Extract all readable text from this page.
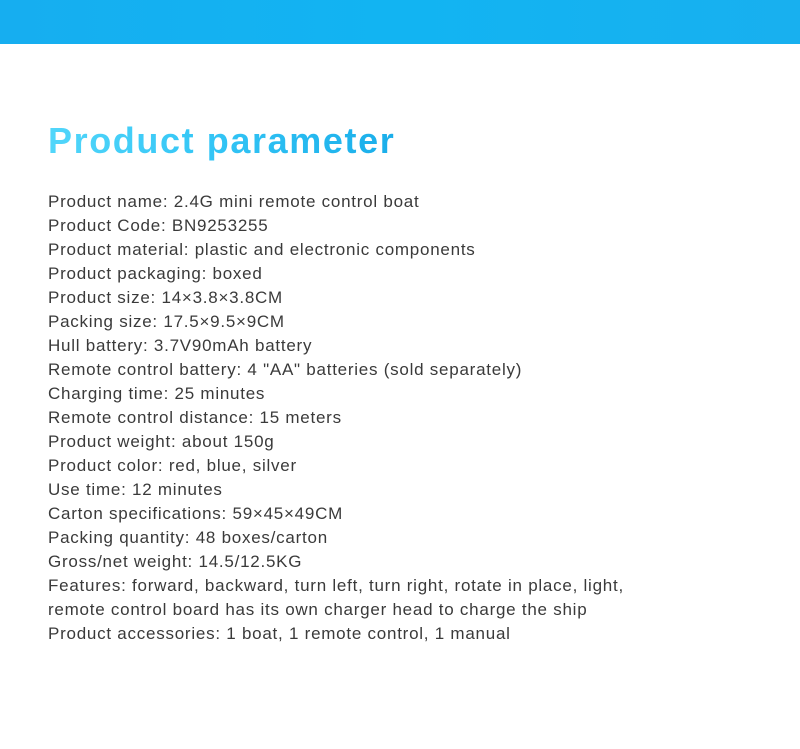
Product parameter
Product name: 2.4G mini remote control boat
Product Code: BN9253255
Product material: plastic and electronic components
Product packaging: boxed
Product size: 14×3.8×3.8CM
Packing size: 17.5×9.5×9CM
Hull battery: 3.7V90mAh battery
Remote control battery: 4 "AA" batteries (sold separately)
Charging time: 25 minutes
Remote control distance: 15 meters
Product weight: about 150g
Product color: red, blue, silver
Use time: 12 minutes
Carton specifications: 59×45×49CM
Packing quantity: 48 boxes/carton
Gross/net weight: 14.5/12.5KG
Features: forward, backward, turn left, turn right, rotate in place, light,
remote control board has its own charger head to charge the ship
Product accessories: 1 boat, 1 remote control, 1 manual
